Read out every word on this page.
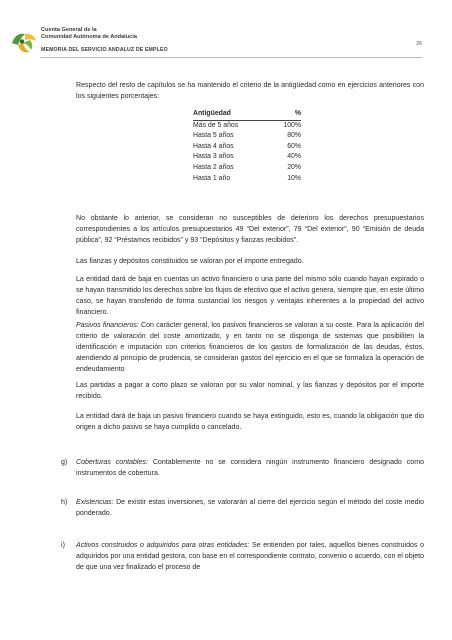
Cuenta General de la
Comunidad Autónoma de Andalucía
26
MEMORIA DEL SERVICIO ANDALUZ DE EMPLEO

Respecto del resto de capítulos se ha mantenido el criterio de la antigüedad como en ejercicios anteriores con los siguientes porcentajes:

Antigüedad	%
Más de 5 años	100%
Hasta 5 años	80%
Hasta 4 años	60%
Hasta 3 años	40%
Hasta 2 años	20%
Hasta 1 año	10%

No obstante lo anterior, se consideran no susceptibles de deterioro los derechos presupuestarios correspondientes a los artículos presupuestarios 49 “Del exterior”, 79 “Del exterior”, 90 “Emisión de deuda pública”, 92 “Préstamos recibidos” y 93 “Depósitos y fianzas recibidos”.

Las fianzas y depósitos constituidos se valoran por el importe entregado.

La entidad dará de baja en cuentas un activo financiero o una parte del mismo sólo cuando hayan expirado o se hayan transmitido los derechos sobre los flujos de efectivo que el activo genera, siempre que, en este último caso, se hayan transferido de forma sustancial los riesgos y ventajas inherentes a la propiedad del activo financiero.

Pasivos financieros: Con carácter general, los pasivos financieros se valoran a su coste. Para la aplicación del criterio de valoración del coste amortizado, y en tanto no se disponga de sistemas que posibiliten la identificación e imputación con criterios financieros de los gastos de formalización de las deudas, éstos, atendiendo al principio de prudencia, se consideran gastos del ejercicio en el que se formaliza la operación de endeudamiento

Las partidas a pagar a corto plazo se valoran por su valor nominal, y las fianzas y depósitos por el importe recibido.

La entidad dará de baja un pasivo financiero cuando se haya extinguido, esto es, cuando la obligación que dio origen a dicho pasivo se haya cumplido o cancelado.

g) Coberturas contables: Contablemente no se considera ningún instrumento financiero designado como instrumentos de cobertura.

h) Existencias: De existir estas inversiones, se valorarán al cierre del ejercicio según el método del coste medio ponderado.

i) Activos construidos o adquiridos para otras entidades: Se entienden por tales, aquellos bienes construidos o adquiridos por una entidad gestora, con base en el correspondiente contrato, convenio o acuerdo, con el objeto de que una vez finalizado el proceso de
